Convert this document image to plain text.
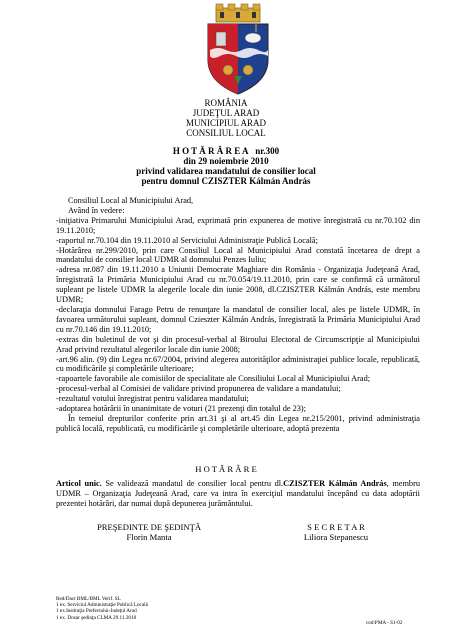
ROMÂNIA
JUDEŢUL ARAD
MUNICIPIUL ARAD
CONSILIUL LOCAL
H O T Ă R Â R E A nr.300
din 29 noiembrie 2010
privind validarea mandatului de consilier local
pentru domnul CZISZTER Kálmán András

Consiliul Local al Municipiului Arad,

Având în vedere:

-iniţiativa Primarului Municipiului Arad, exprimată prin expunerea de motive înregistrată cu nr.70.102 din 19.11.2010;

-raportul nr.70.104 din 19.11.2010 al Serviciului Administraţie Publică Locală;

-Hotărârea nr.299/2010, prin care Consiliul Local al Municipiului Arad constată încetarea de drept a mandatului de consilier local UDMR al domnului Penzes Iuliu;

-adresa nr.087 din 19.11.2010 a Uniunii Democrate Maghiare din România - Organizaţia Judeţeană Arad, înregistrată la Primăria Municipiului Arad cu nr.70.054/19.11.2010, prin care se confirmă că următorul supleant pe listele UDMR la alegerile locale din iunie 2008, dl.CZISZTER Kálmán András, este membru UDMR;

-declaraţia domnului Farago Petru de renunţare la mandatul de consilier local, ales pe listele UDMR, în favoarea următorului supleant, domnul Czieszter Kálmán András, înregistrată la Primăria Municipiului Arad cu nr.70.146 din 19.11.2010;

-extras din buletinul de vot şi din procesul-verbal al Biroului Electoral de Circumscripţie al Municipiului Arad privind rezultatul alegerilor locale din iunie 2008;

-art.96 alin. (9) din Legea nr.67/2004, privind alegerea autorităţilor administraţiei publice locale, republicată, cu modificările şi completările ulterioare;

-rapoartele favorabile ale comisiilor de specialitate ale Consiliului Local al Municipiului Arad;

-procesul-verbal al Comisiei de validare privind propunerea de validare a mandatului;

-rezultatul votului înregistrat pentru validarea mandatului;

-adoptarea hotărârii în unanimitate de voturi (21 prezenţi din totalul de 23);

În temeiul drepturilor conferite prin art.31 şi al art.45 din Legea nr.215/2001, privind administraţia publică locală, republicată, cu modificările şi completările ulterioare, adoptă prezenta

H O T Ă R Â R E

Articol unic. Se validează mandatul de consilier local pentru dl.CZISZTER Kálmán András, membru UDMR – Organizaţia Judeţeană Arad, care va intra în exerciţiul mandatului începând cu data adoptării prezentei hotărâri, dar numai după depunerea jurământului.

PREŞEDINTE DE ŞEDINŢĂ
Florin Manta
S E C R E T A R
Liliora Stepanescu
Red/Dact BML/BML Verif. SL
1 ex. Serviciul Administraţie Publică Locală
1 ex.Instituţia Prefectului-Judeţul Arad
1 ex. Dosar şedinţa CLMA 29.11.2010
cod:PMA– S1-02
